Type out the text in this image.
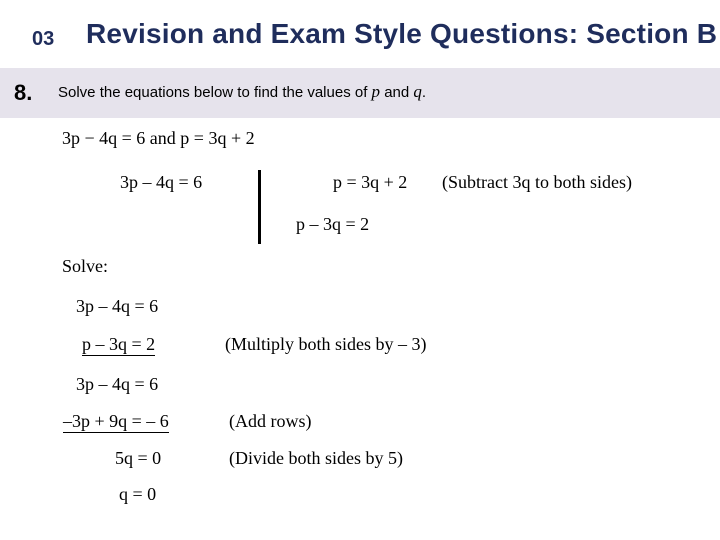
03 Revision and Exam Style Questions: Section B
8. Solve the equations below to find the values of p and q.
3p − 4q = 6 and p = 3q + 2
3p – 4q = 6	p = 3q + 2 (Subtract 3q to both sides)
p – 3q = 2
Solve:
3p – 4q = 6
p – 3q = 2	(Multiply both sides by – 3)
3p – 4q = 6
–3p + 9q = – 6	(Add rows)
5q = 0	(Divide both sides by 5)
q = 0
